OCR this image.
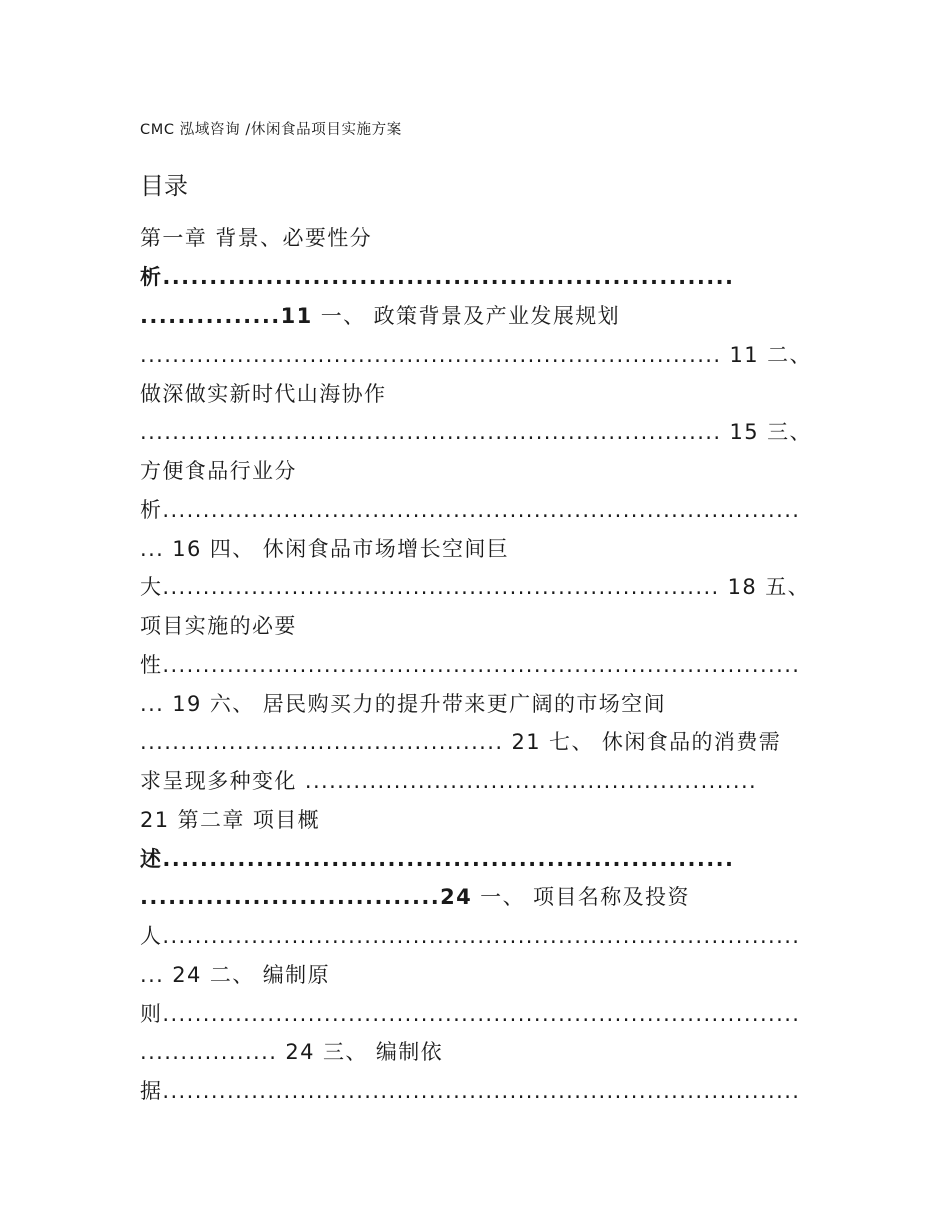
CMC 泓域咨询 /休闲食品项目实施方案
目录
第一章 背景、必要性分
析.............................................................
...............11 一、 政策背景及产业发展规划
........................................................................ 11 二、
做深做实新时代山海协作
........................................................................ 15 三、
方便食品行业分
析...............................................................................
... 16 四、 休闲食品市场增长空间巨
大..................................................................... 18 五、
项目实施的必要
性...............................................................................
... 19 六、 居民购买力的提升带来更广阔的市场空间
............................................. 21 七、 休闲食品的消费需
求呈现多种变化 ........................................................
21 第二章 项目概
述.............................................................
................................24 一、 项目名称及投资
人...............................................................................
... 24 二、 编制原
则...............................................................................
................. 24 三、 编制依
据...............................................................................
